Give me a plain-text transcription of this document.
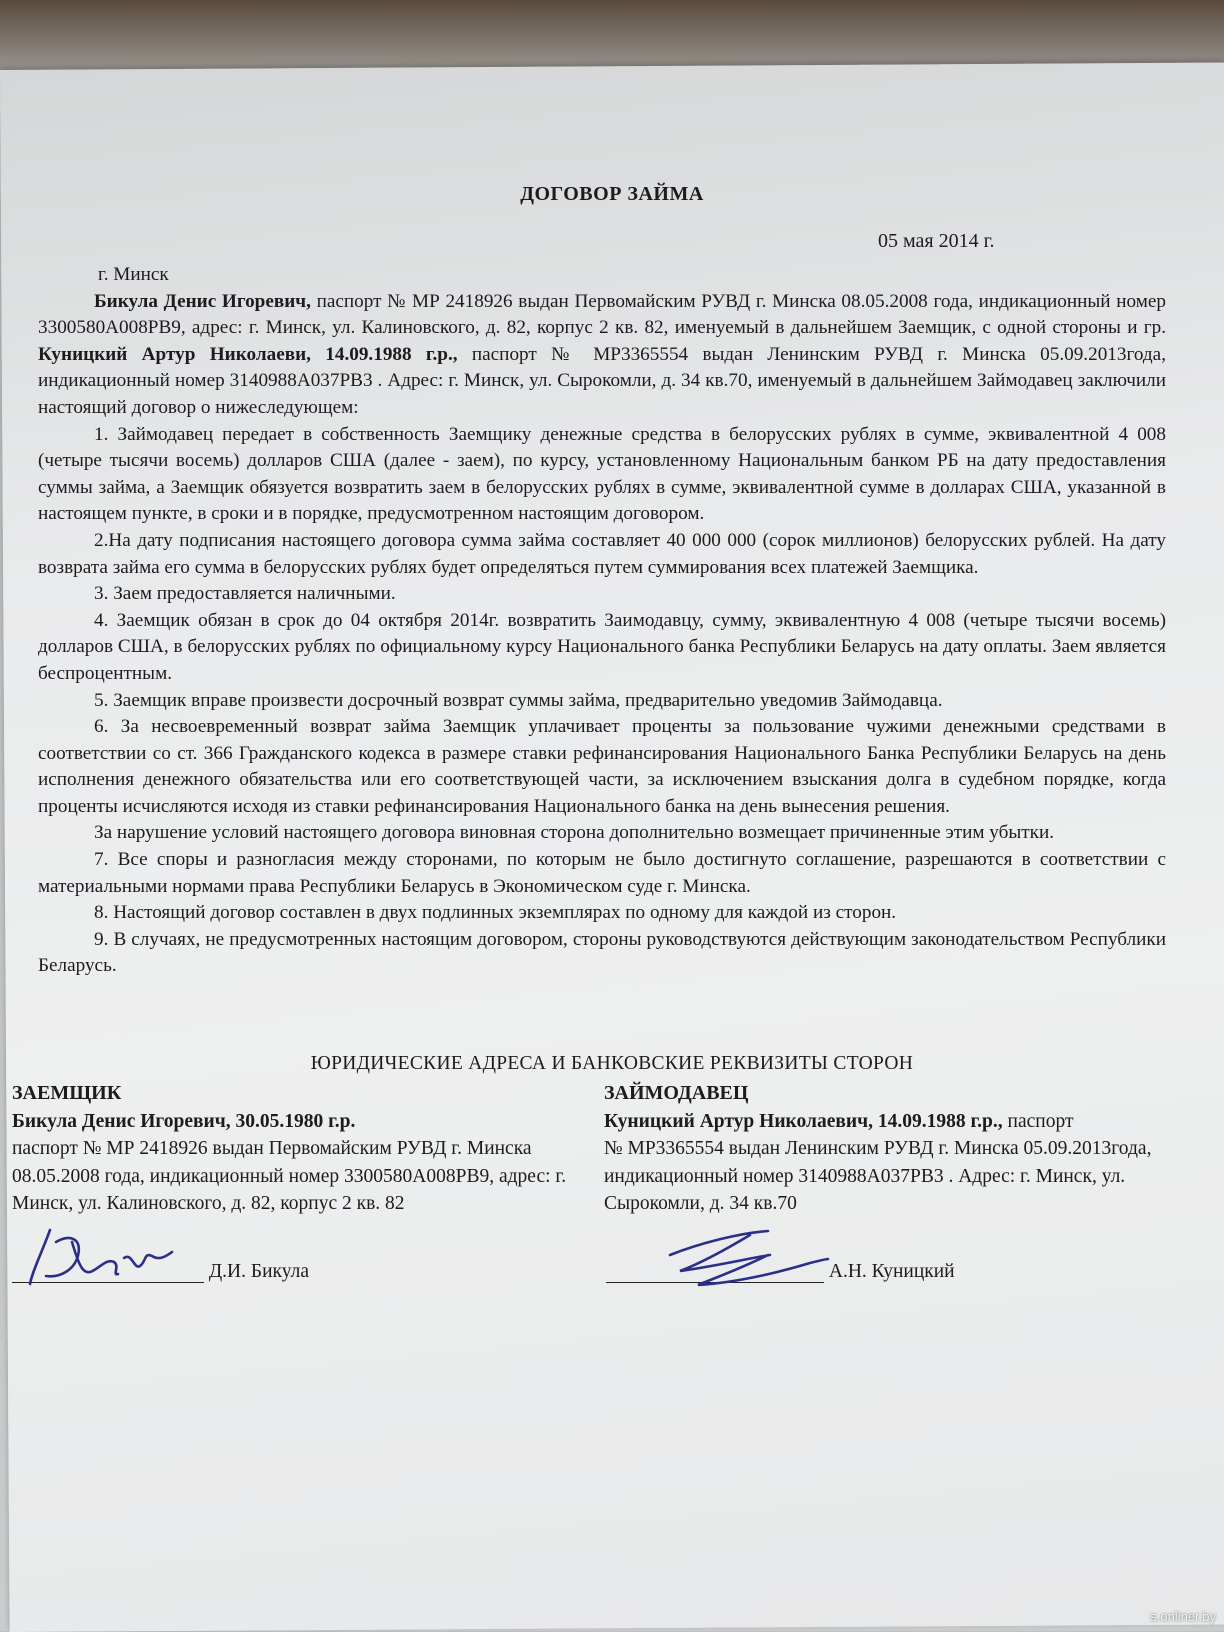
ДОГОВОР ЗАЙМА
05 мая 2014 г.

г. Минск

Бикула Денис Игоревич, паспорт № МР 2418926 выдан Первомайским РУВД г. Минска 08.05.2008 года, индикационный номер 3300580А008РВ9, адрес: г. Минск, ул. Калиновского, д. 82, корпус 2 кв. 82, именуемый в дальнейшем Заемщик, с одной стороны и гр. Куницкий Артур Николаеви, 14.09.1988 г.р., паспорт № МР3365554 выдан Ленинским РУВД г. Минска 05.09.2013года, индикационный номер 3140988А037РВ3 . Адрес: г. Минск, ул. Сырокомли, д. 34 кв.70, именуемый в дальнейшем Займодавец заключили настоящий договор о нижеследующем:

1. Займодавец передает в собственность Заемщику денежные средства в белорусских рублях в сумме, эквивалентной 4 008 (четыре тысячи восемь) долларов США (далее - заем), по курсу, установленному Национальным банком РБ на дату предоставления суммы займа, а Заемщик обязуется возвратить заем в белорусских рублях в сумме, эквивалентной сумме в долларах США, указанной в настоящем пункте, в сроки и в порядке, предусмотренном настоящим договором.

2.На дату подписания настоящего договора сумма займа составляет 40 000 000 (сорок миллионов) белорусских рублей. На дату возврата займа его сумма в белорусских рублях будет определяться путем суммирования всех платежей Заемщика.

3. Заем предоставляется наличными.

4. Заемщик обязан в срок до 04 октября 2014г. возвратить Заимодавцу, сумму, эквивалентную 4 008 (четыре тысячи восемь) долларов США, в белорусских рублях по официальному курсу Национального банка Республики Беларусь на дату оплаты. Заем является беспроцентным.

5. Заемщик вправе произвести досрочный возврат суммы займа, предварительно уведомив Займодавца.

6. За несвоевременный возврат займа Заемщик уплачивает проценты за пользование чужими денежными средствами в соответствии со ст. 366 Гражданского кодекса в размере ставки рефинансирования Национального Банка Республики Беларусь на день исполнения денежного обязательства или его соответствующей части, за исключением взыскания долга в судебном порядке, когда проценты исчисляются исходя из ставки рефинансирования Национального банка на день вынесения решения.

За нарушение условий настоящего договора виновная сторона дополнительно возмещает причиненные этим убытки.

7. Все споры и разногласия между сторонами, по которым не было достигнуто соглашение, разрешаются в соответствии с материальными нормами права Республики Беларусь в Экономическом суде г. Минска.

8. Настоящий договор составлен в двух подлинных экземплярах по одному для каждой из сторон.

9. В случаях, не предусмотренных настоящим договором, стороны руководствуются действующим законодательством Республики Беларусь.

ЮРИДИЧЕСКИЕ АДРЕСА И БАНКОВСКИЕ РЕКВИЗИТЫ СТОРОН
ЗАЕМЩИК
Бикула Денис Игоревич, 30.05.1980 г.р.
паспорт № МР 2418926 выдан Первомайским РУВД г. Минска 08.05.2008 года, индикационный номер 3300580А008РВ9, адрес: г. Минск, ул. Калиновского, д. 82, корпус 2 кв. 82
ЗАЙМОДАВЕЦ
Куницкий Артур Николаевич, 14.09.1988 г.р., паспорт
№ МР3365554 выдан Ленинским РУВД г. Минска 05.09.2013года, индикационный номер 3140988А037РВ3 . Адрес: г. Минск, ул. Сырокомли, д. 34 кв.70
Д.И. Бикула
Ден
А.Н. Куницкий
s.onliner.by
